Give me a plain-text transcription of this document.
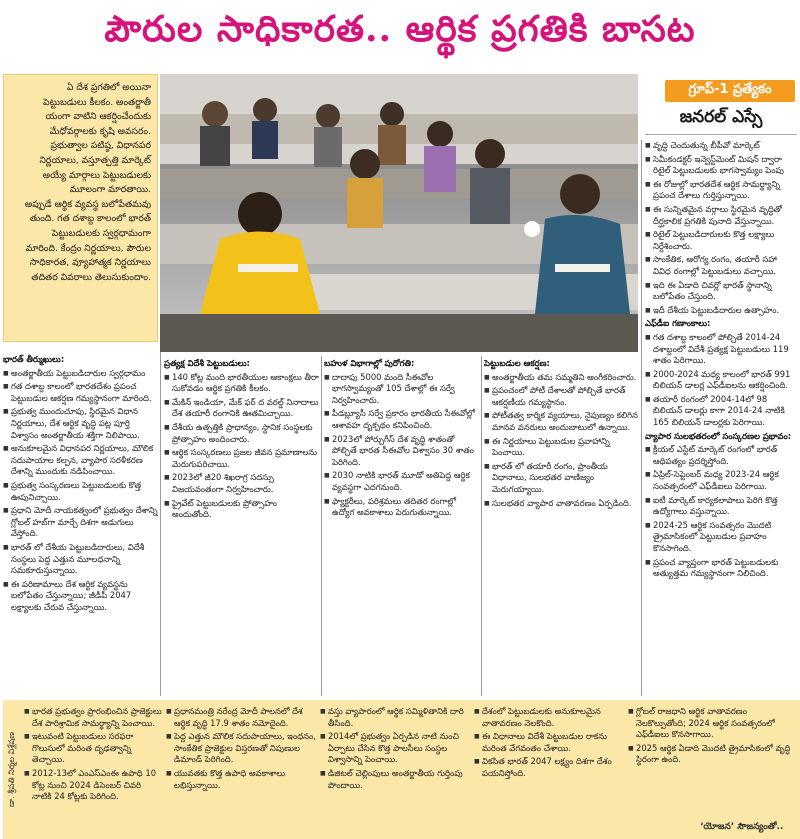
పౌరుల సాధికారత.. ఆర్థిక ప్రగతికి బాసట

ఏ దేశ ప్రగతిలో అయినా

పెట్టుబడులు కీలకం. అంతర్జాతీ

యంగా వాటిని ఆకర్షించేందుకు

మేధోవర్గాలకు కృషి అవసరం.

ప్రభుత్వాల పటిష్ఠ, విధానపర

నిర్ణయాలు, వస్తూత్పత్తి మార్కెట్

అయ్యే మార్గాలు పెట్టుబడులకు

మూలంగా మారతాయి.

అప్పుడే ఆర్థిక వ్యవస్థ బలోపేతమవు

తుంది. గత దశాబ్ద కాలంలో భారత్

పెట్టుబడులకు స్వర్గధామంగా

మారింది. కేంద్రం నిర్ణయాలు, పౌరుల

సాధికారత, వ్యూహాత్మక నిర్ణయాలు

తదితర వివరాలు తెలుసుకుందాం.

గ్రూప్-1 ప్రత్యేకం
జనరల్ ఎస్సే
భారత్ తీర్ముఖులు:
■ అంతర్జాతీయ పెట్టుబడిదారుల స్వర్గధామం
■ గత దశాబ్ద కాలంలో భారతదేశం ప్రపంచ పెట్టుబడుల ఆకర్షణ గమ్యస్థానంగా మారింది.
■ ప్రభుత్వ ముందుచూపు, స్థిరమైన విధాన నిర్ణయాలు, దేశ ఆర్థిక వృద్ధి పట్ల పూర్తి విశ్వాసం అంతర్జాతీయ శక్తిగా నిలిపాయి.
■ అనుకూలమైన విధానపర నిర్ణయాలు, మౌలిక సదుపాయాల కల్పన, వ్యాపార సరళీకరణ దేశాన్ని ముందుకు నడిపించాయి.
■ ప్రభుత్వ సంస్కరణలు పెట్టుబడులకు కొత్త ఊపునిచ్చాయి.
■ ప్రధాని మోదీ నాయకత్వంలో ప్రభుత్వం దేశాన్ని గ్లోబల్ హబ్‌గా మార్చే దిశగా అడుగులు వేస్తోంది.
■ భారత్ లో దేశీయ పెట్టుబడిదారులు, విదేశీ సంస్థలు పెద్ద ఎత్తున మూలధనాన్ని సమకూరుస్తున్నాయి.
■ ఈ పరిణామాలు దేశ ఆర్థిక వ్యవస్థను బలోపేతం చేస్తున్నాయి; జీడీపీ 2047 లక్ష్యాలకు చేరువ చేస్తున్నాయి.
ప్రత్యక్ష విదేశీ పెట్టుబడులు:
■ 140 కోట్ల మంది భారతీయుల ఆకాంక్షలు తీరా సుకోవడం ఆర్థిక ప్రగతికి కీలకం.
■ మేకిన్ ఇండియా, మేక్ ఫర్ ద వరల్డ్ నినాదాలు దేశ తయారీ రంగానికి ఊతమిచ్చాయి.
■ దేశీయ ఉత్పత్తికి ప్రాధాన్యం, స్థానిక సంస్థలకు ప్రోత్సాహం అందించారు.
■ ఆర్థిక సంస్కరణలు ప్రజల జీవన ప్రమాణాలను మెరుగుపరిచాయి.
■ 2023లో జీ20 శిఖరాగ్ర సదస్సు విజయవంతంగా నిర్వహించారు.
■ ప్రైవేట్ పెట్టుబడులకు ప్రోత్సాహం అందుతోంది.
బహుళ విభాగాల్లో పురోగతి:
■ దాదాపు 5000 మంది సీఈవోల భాగస్వామ్యంతో 105 దేశాల్లో ఈ సర్వే నిర్వహించారు.
■ పీడబ్ల్యూసీ సర్వే ప్రకారం భారతీయ సీఈవోల్లో ఆశావహ దృక్పథం కనిపించింది.
■ 2023లో పోర్చుగీస్ దేశ వృద్ధి శాతంతో పోల్చితే భారత సీఈవోల విశ్వాసం 30 శాతం పెరిగింది.
■ 2030 నాటికి భారత్ మూడో అతిపెద్ద ఆర్థిక వ్యవస్థగా ఎదగనుంది.
■ ఫ్యాక్టరీలు, పరిశ్రమలు తదితర రంగాల్లో ఉద్యోగ అవకాశాలు పెరుగుతున్నాయి.
పెట్టుబడుల ఆకర్షణ:
■ అంతర్జాతీయ తమ సమ్మతిని అంగీకరించారు.
■ ప్రపంచంలో పోటీ దేశాలతో పోల్చితే భారత్ ఆకర్షణీయ గమ్యస్థానం.
■ పోటీతత్వ కార్మిక వ్యయాలు, నైపుణ్యం కలిగిన మానవ వనరులు అందుబాటులో ఉన్నాయి.
■ ఈ నిర్ణయాలు పెట్టుబడుల ప్రవాహాన్ని పెంచాయి.
■ భారత్ లో తయారీ రంగం, ప్రాంతీయ విధానాలు, సులభతర వాణిజ్యం మెరుగయ్యాయి.
■ సులభతర వ్యాపార వాతావరణం ఏర్పడింది.
■ వృద్ధి చెందుతున్న బీపీవో మార్కెట్
■ సెమీకండక్టర్ ఇన్వెస్ట్‌మెంట్ మిషన్ ద్వారా రిటైల్ పెట్టుబడులకు భాగస్వామ్యం పెంపు
■ ఈ రోజుల్లో భారతదేశ ఆర్థిక సామర్థ్యాన్ని ప్రపంచ దేశాలు గుర్తిస్తున్నాయి.
■ ఈ సున్నితమైన వర్గాలు స్థిరమైన వృద్ధితో దీర్ఘకాలిక ప్రగతికి పునాది వేస్తున్నాయి.
■ రిటైల్ పెట్టుబడిదారులకు కొత్త లక్ష్యాలు నిర్దేశించారు.
■ సాంకేతిక, ఆరోగ్య రంగం, తయారీ సహా వివిధ రంగాల్లో పెట్టుబడులు వచ్చాయి.
■ ఇది ఈ ఏడాది చివర్లో భారత్ స్థానాన్ని బలోపేతం చేస్తుంది.
■ ఇదీ దేశీయ పెట్టుబడిదారుల ఉత్సాహం.
ఎఫ్‌డీఐ గణాంకాలు:
■ గత దశాబ్ద కాలంలో పోల్చితే 2014-24 దశాబ్దంలో విదేశీ ప్రత్యక్ష పెట్టుబడులు 119 శాతం పెరిగాయి.
■ 2000-2024 మధ్య కాలంలో భారత్ 991 బిలియన్ డాలర్ల ఎఫ్‌డీఐలను ఆకర్షించింది.
■ తయారీ రంగంలో 2004-14లో 98 బిలియన్ డాలర్లు కాగా 2014-24 నాటికి 165 బిలియన్ డాలర్లకు పెరిగాయి.
వ్యాపార సులభతరంలో సంస్కరణల ప్రభావం:
■ క్రీయల్ ఎస్టేట్ మార్కెట్ రంగంలో భారత్ ఆధిపత్యం ప్రదర్శిస్తోంది.
■ ఏప్రిల్-సెప్టెంబర్ మధ్య 2023-24 ఆర్థిక సంవత్సరంలో ఎఫ్‌డీఐలు పెరిగాయి.
■ ఐటీ మార్కెట్ కార్యకలాపాలు పెరిగి కొత్త ఉద్యోగాలు వస్తున్నాయి.
■ 2024-25 ఆర్థిక సంవత్సరం మొదటి త్రైమాసికంలో పెట్టుబడుల ప్రవాహం కొనసాగింది.
■ ప్రపంచ వ్యాప్తంగా భారత్ పెట్టుబడులకు అత్యుత్తమ గమ్యస్థానంగా నిలిచింది.
డా. శ్రీపతి నిర్మల విశ్లేషణ
■ భారత ప్రభుత్వం ప్రారంభించిన ప్రాజెక్టులు దేశ పారిశ్రామిక సామర్థ్యాన్ని పెంచాయి.
■ ఇటువంటి పెట్టుబడులు సరఫరా గొలుసులో మరింత దృఢత్వాన్ని తెచ్చాయి.
■ 2012-13లో ఎంఎస్‌ఎంఈ ఉపాధి 10 కోట్ల నుంచి 2024 డిసెంబర్ చివరి నాటికి 24 కోట్లకు పెరిగింది.
■ ప్రధానమంత్రి నరేంద్ర మోదీ పాలనలో దేశ ఆర్థిక వృద్ధి 17.9 శాతం నమోదైంది.
■ పెద్ద ఎత్తున మౌలిక సదుపాయాలు, ఇంధనం, సాంకేతిక ప్రాజెక్టుల విస్తరణతో నిపుణుల డిమాండ్ పెరిగింది.
■ యువతకు కొత్త ఉపాధి అవకాశాలు లభిస్తున్నాయి.
■ వస్తు వ్యాపారంలో ఆర్థిక సమ్మిళితానికి దారి తీసింది.
■ 2014లో ప్రభుత్వం ఏర్పడిన నాటి నుంచి ఏర్పాటు చేసిన కొత్త పాలసీలు సంస్థల విశ్వాసాన్ని పెంచాయి.
■ డిజిటల్ చెల్లింపులు అంతర్జాతీయ గుర్తింపు పొందాయి.
■ దేశంలో పెట్టుబడులకు అనుకూలమైన వాతావరణం నెలకొంది.
■ ఈ విధానాలు విదేశీ పెట్టుబడుల రాకను మరింత వేగవంతం చేశాయి.
■ వికసిత భారత్ 2047 లక్ష్యం దిశగా దేశం పయనిస్తోంది.
■ గ్లోబల్ రాజధాని ఆర్థిక వాతావరణం నెలకొల్పుతోంది; 2024 ఆర్థిక సంవత్సరంలో ఎఫ్‌డీఐలు కొనసాగాయి.
■ 2025 ఆర్థిక ఏడాది మొదటి త్రైమాసికంలో వృద్ధి స్థిరంగా ఉంది.
‘యోజన’ సౌజన్యంతో..
